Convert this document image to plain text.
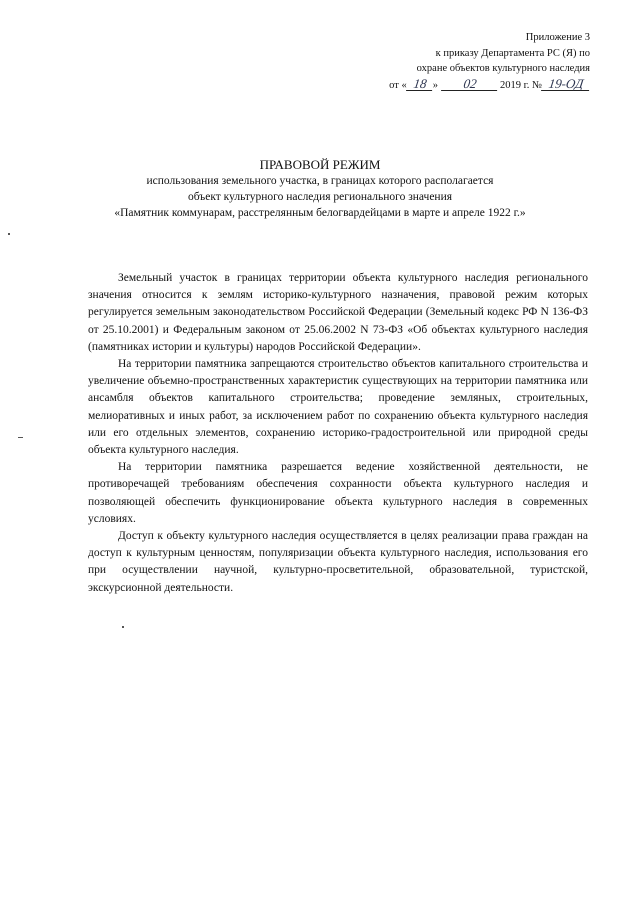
Приложение 3
к приказу Департамента РС (Я) по
охране объектов культурного наследия
от « 18 »	02	2019 г. № 19-ОД
ПРАВОВОЙ РЕЖИМ
использования земельного участка, в границах которого располагается
объект культурного наследия регионального значения
«Памятник коммунарам, расстрелянным белогвардейцами в марте и апреле 1922 г.»

Земельный участок в границах территории объекта культурного наследия регионального значения относится к землям историко-культурного назначения, правовой режим которых регулируется земельным законодательством Российской Федерации (Земельный кодекс РФ N 136-ФЗ от 25.10.2001) и Федеральным законом от 25.06.2002 N 73-ФЗ «Об объектах культурного наследия (памятниках истории и культуры) народов Российской Федерации».

На территории памятника запрещаются строительство объектов капитального строительства и увеличение объемно-пространственных характеристик существующих на территории памятника или ансамбля объектов капитального строительства; проведение земляных, строительных, мелиоративных и иных работ, за исключением работ по сохранению объекта культурного наследия или его отдельных элементов, сохранению историко-градостроительной или природной среды объекта культурного наследия.

На территории памятника разрешается ведение хозяйственной деятельности, не противоречащей требованиям обеспечения сохранности объекта культурного наследия и позволяющей обеспечить функционирование объекта культурного наследия в современных условиях.

Доступ к объекту культурного наследия осуществляется в целях реализации права граждан на доступ к культурным ценностям, популяризации объекта культурного наследия, использования его при осуществлении научной, культурно-просветительной, образовательной, туристской, экскурсионной деятельности.
